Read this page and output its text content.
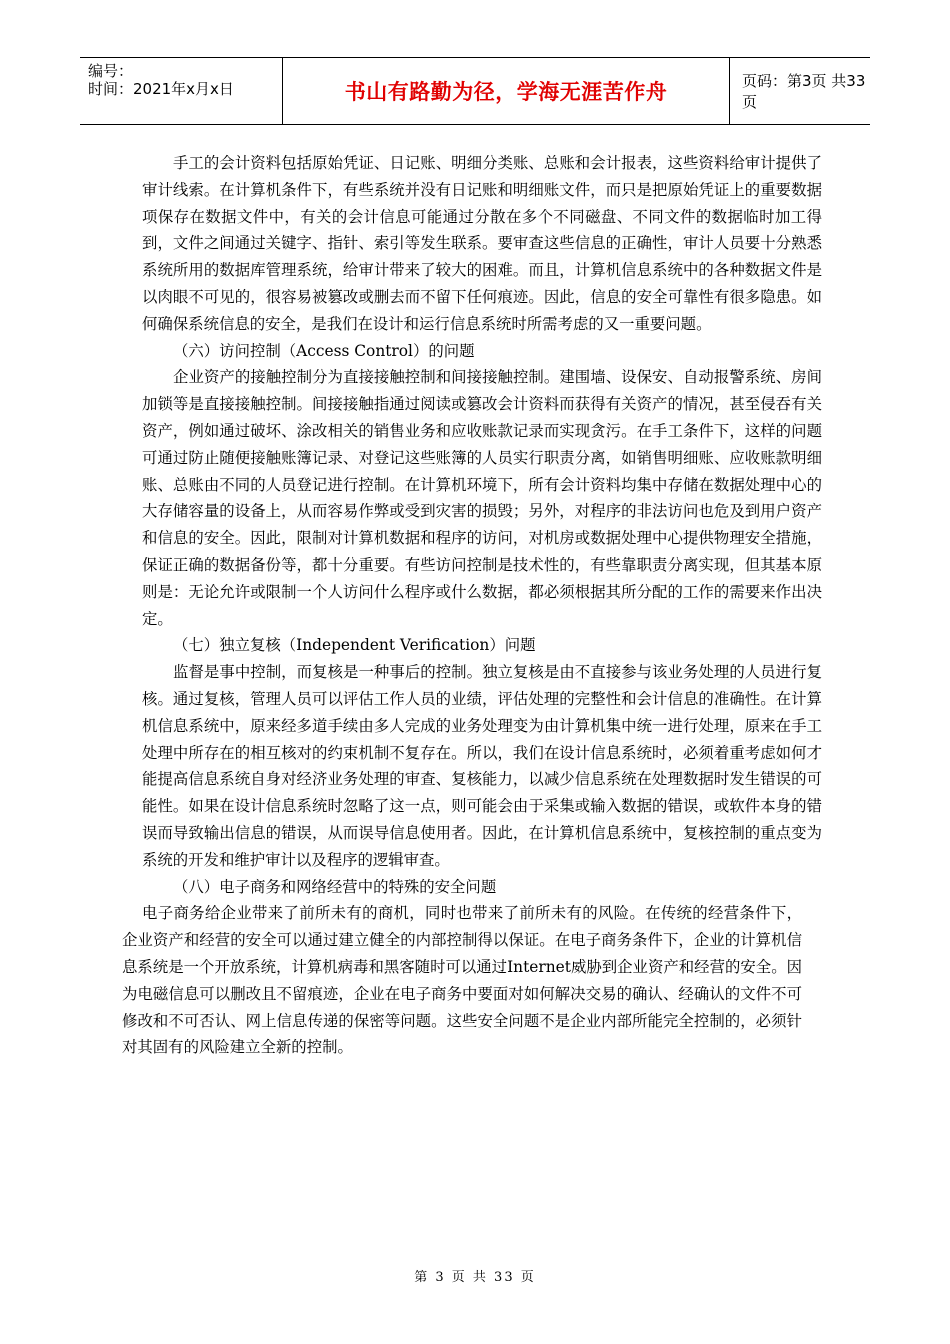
编号：
时间：2021年x月x日	书山有路勤为径，学海无涯苦作舟	页码：第3页 共33页

手工的会计资料包括原始凭证、日记账、明细分类账、总账和会计报表，这些资料给审计提供了审计线索。在计算机条件下，有些系统并没有日记账和明细账文件，而只是把原始凭证上的重要数据项保存在数据文件中，有关的会计信息可能通过分散在多个不同磁盘、不同文件的数据临时加工得到，文件之间通过关键字、指针、索引等发生联系。要审查这些信息的正确性，审计人员要十分熟悉系统所用的数据库管理系统，给审计带来了较大的困难。而且，计算机信息系统中的各种数据文件是以肉眼不可见的，很容易被篡改或删去而不留下任何痕迹。因此，信息的安全可靠性有很多隐患。如何确保系统信息的安全，是我们在设计和运行信息系统时所需考虑的又一重要问题。

（六）访问控制（Access Control）的问题

企业资产的接触控制分为直接接触控制和间接接触控制。建围墙、设保安、自动报警系统、房间加锁等是直接接触控制。间接接触指通过阅读或篡改会计资料而获得有关资产的情况，甚至侵吞有关资产，例如通过破坏、涂改相关的销售业务和应收账款记录而实现贪污。在手工条件下，这样的问题可通过防止随便接触账簿记录、对登记这些账簿的人员实行职责分离，如销售明细账、应收账款明细账、总账由不同的人员登记进行控制。在计算机环境下，所有会计资料均集中存储在数据处理中心的大存储容量的设备上，从而容易作弊或受到灾害的损毁；另外，对程序的非法访问也危及到用户资产和信息的安全。因此，限制对计算机数据和程序的访问，对机房或数据处理中心提供物理安全措施，保证正确的数据备份等，都十分重要。有些访问控制是技术性的，有些靠职责分离实现，但其基本原则是：无论允许或限制一个人访问什么程序或什么数据，都必须根据其所分配的工作的需要来作出决定。

（七）独立复核（Independent Verification）问题

监督是事中控制，而复核是一种事后的控制。独立复核是由不直接参与该业务处理的人员进行复核。通过复核，管理人员可以评估工作人员的业绩，评估处理的完整性和会计信息的准确性。在计算机信息系统中，原来经多道手续由多人完成的业务处理变为由计算机集中统一进行处理，原来在手工处理中所存在的相互核对的约束机制不复存在。所以，我们在设计信息系统时，必须着重考虑如何才能提高信息系统自身对经济业务处理的审查、复核能力，以减少信息系统在处理数据时发生错误的可能性。如果在设计信息系统时忽略了这一点，则可能会由于采集或输入数据的错误，或软件本身的错误而导致输出信息的错误，从而误导信息使用者。因此，在计算机信息系统中，复核控制的重点变为系统的开发和维护审计以及程序的逻辑审查。

（八）电子商务和网络经营中的特殊的安全问题

电子商务给企业带来了前所未有的商机，同时也带来了前所未有的风险。在传统的经营条件下，企业资产和经营的安全可以通过建立健全的内部控制得以保证。在电子商务条件下，企业的计算机信息系统是一个开放系统，计算机病毒和黑客随时可以通过Internet威胁到企业资产和经营的安全。因为电磁信息可以删改且不留痕迹，企业在电子商务中要面对如何解决交易的确认、经确认的文件不可修改和不可否认、网上信息传递的保密等问题。这些安全问题不是企业内部所能完全控制的，必须针对其固有的风险建立全新的控制。

第 3 页 共 33 页
